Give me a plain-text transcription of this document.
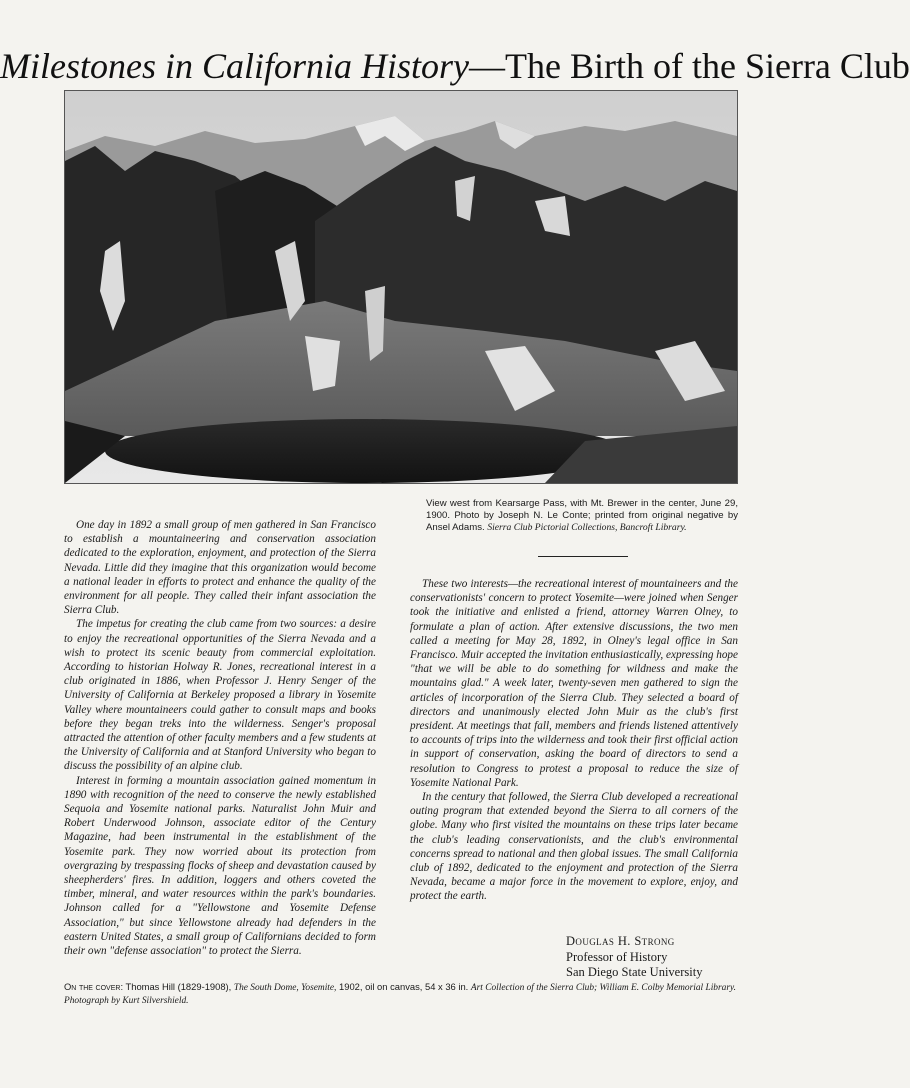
Milestones in California History—The Birth of the Sierra Club
View west from Kearsarge Pass, with Mt. Brewer in the center, June 29, 1900. Photo by Joseph N. Le Conte; printed from original negative by Ansel Adams. Sierra Club Pictorial Collections, Bancroft Library.

One day in 1892 a small group of men gathered in San Francisco to establish a mountaineering and conservation association dedicated to the exploration, enjoyment, and protection of the Sierra Nevada. Little did they imagine that this organization would become a national leader in efforts to protect and enhance the quality of the environment for all people. They called their infant association the Sierra Club.

The impetus for creating the club came from two sources: a desire to enjoy the recreational opportunities of the Sierra Nevada and a wish to protect its scenic beauty from commercial exploitation. According to historian Holway R. Jones, recreational interest in a club originated in 1886, when Professor J. Henry Senger of the University of California at Berkeley proposed a library in Yosemite Valley where mountaineers could gather to consult maps and books before they began treks into the wilderness. Senger's proposal attracted the attention of other faculty members and a few students at the University of California and at Stanford University who began to discuss the possibility of an alpine club.

Interest in forming a mountain association gained momentum in 1890 with recognition of the need to conserve the newly established Sequoia and Yosemite national parks. Naturalist John Muir and Robert Underwood Johnson, associate editor of the Century Magazine, had been instrumental in the establishment of the Yosemite park. They now worried about its protection from overgrazing by trespassing flocks of sheep and devastation caused by sheepherders' fires. In addition, loggers and others coveted the timber, mineral, and water resources within the park's boundaries. Johnson called for a "Yellowstone and Yosemite Defense Association," but since Yellowstone already had defenders in the eastern United States, a small group of Californians decided to form their own "defense association" to protect the Sierra.

These two interests—the recreational interest of mountaineers and the conservationists' concern to protect Yosemite—were joined when Senger took the initiative and enlisted a friend, attorney Warren Olney, to formulate a plan of action. After extensive discussions, the two men called a meeting for May 28, 1892, in Olney's legal office in San Francisco. Muir accepted the invitation enthusiastically, expressing hope "that we will be able to do something for wildness and make the mountains glad." A week later, twenty-seven men gathered to sign the articles of incorporation of the Sierra Club. They selected a board of directors and unanimously elected John Muir as the club's first president. At meetings that fall, members and friends listened attentively to accounts of trips into the wilderness and took their first official action in support of conservation, asking the board of directors to send a resolution to Congress to protest a proposal to reduce the size of Yosemite National Park.

In the century that followed, the Sierra Club developed a recreational outing program that extended beyond the Sierra to all corners of the globe. Many who first visited the mountains on these trips later became the club's leading conservationists, and the club's environmental concerns spread to national and then global issues. The small California club of 1892, dedicated to the enjoyment and protection of the Sierra Nevada, became a major force in the movement to explore, enjoy, and protect the earth.

Douglas H. Strong
Professor of History
San Diego State University
On the cover: Thomas Hill (1829-1908), The South Dome, Yosemite, 1902, oil on canvas, 54 x 36 in. Art Collection of the Sierra Club; William E. Colby Memorial Library. Photograph by Kurt Silvershield.
